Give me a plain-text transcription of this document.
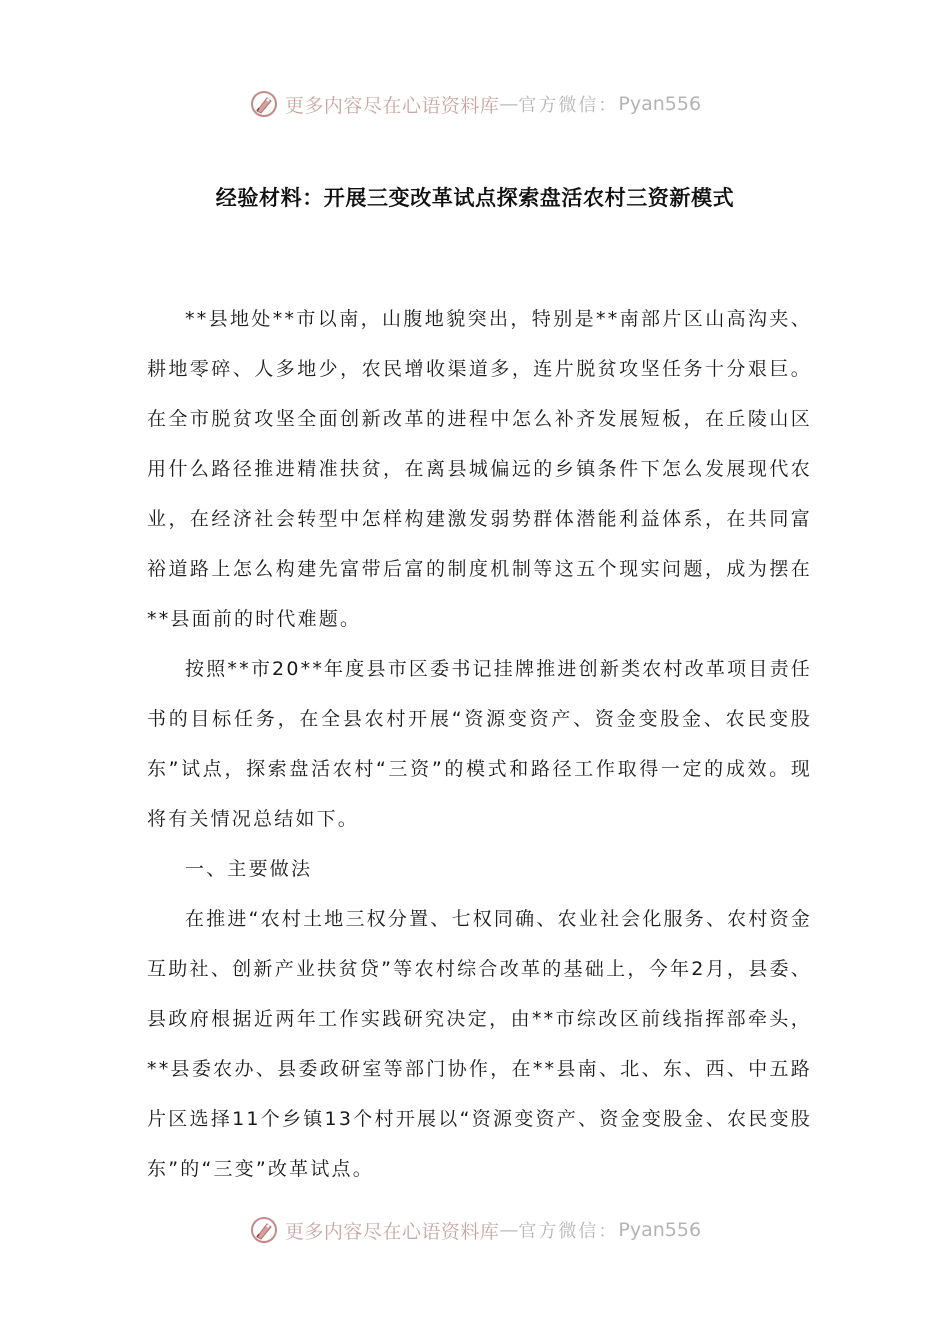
更多内容尽在心语资料库 — 官方微信： Pyan556
经验材料：开展三变改革试点探索盘活农村三资新模式

**县地处**市以南，山腹地貌突出，特别是**南部片区山高沟夹、耕地零碎、人多地少，农民增收渠道多，连片脱贫攻坚任务十分艰巨。在全市脱贫攻坚全面创新改革的进程中怎么补齐发展短板，在丘陵山区用什么路径推进精准扶贫，在离县城偏远的乡镇条件下怎么发展现代农业，在经济社会转型中怎样构建激发弱势群体潜能利益体系，在共同富裕道路上怎么构建先富带后富的制度机制等这五个现实问题，成为摆在**县面前的时代难题。

按照**市20**年度县市区委书记挂牌推进创新类农村改革项目责任书的目标任务，在全县农村开展“资源变资产、资金变股金、农民变股东”试点，探索盘活农村“三资”的模式和路径工作取得一定的成效。现将有关情况总结如下。

一、主要做法

在推进“农村土地三权分置、七权同确、农业社会化服务、农村资金互助社、创新产业扶贫贷”等农村综合改革的基础上，今年2月，县委、县政府根据近两年工作实践研究决定，由**市综改区前线指挥部牵头，**县委农办、县委政研室等部门协作，在**县南、北、东、西、中五路片区选择11个乡镇13个村开展以“资源变资产、资金变股金、农民变股东”的“三变”改革试点。

更多内容尽在心语资料库 — 官方微信： Pyan556
